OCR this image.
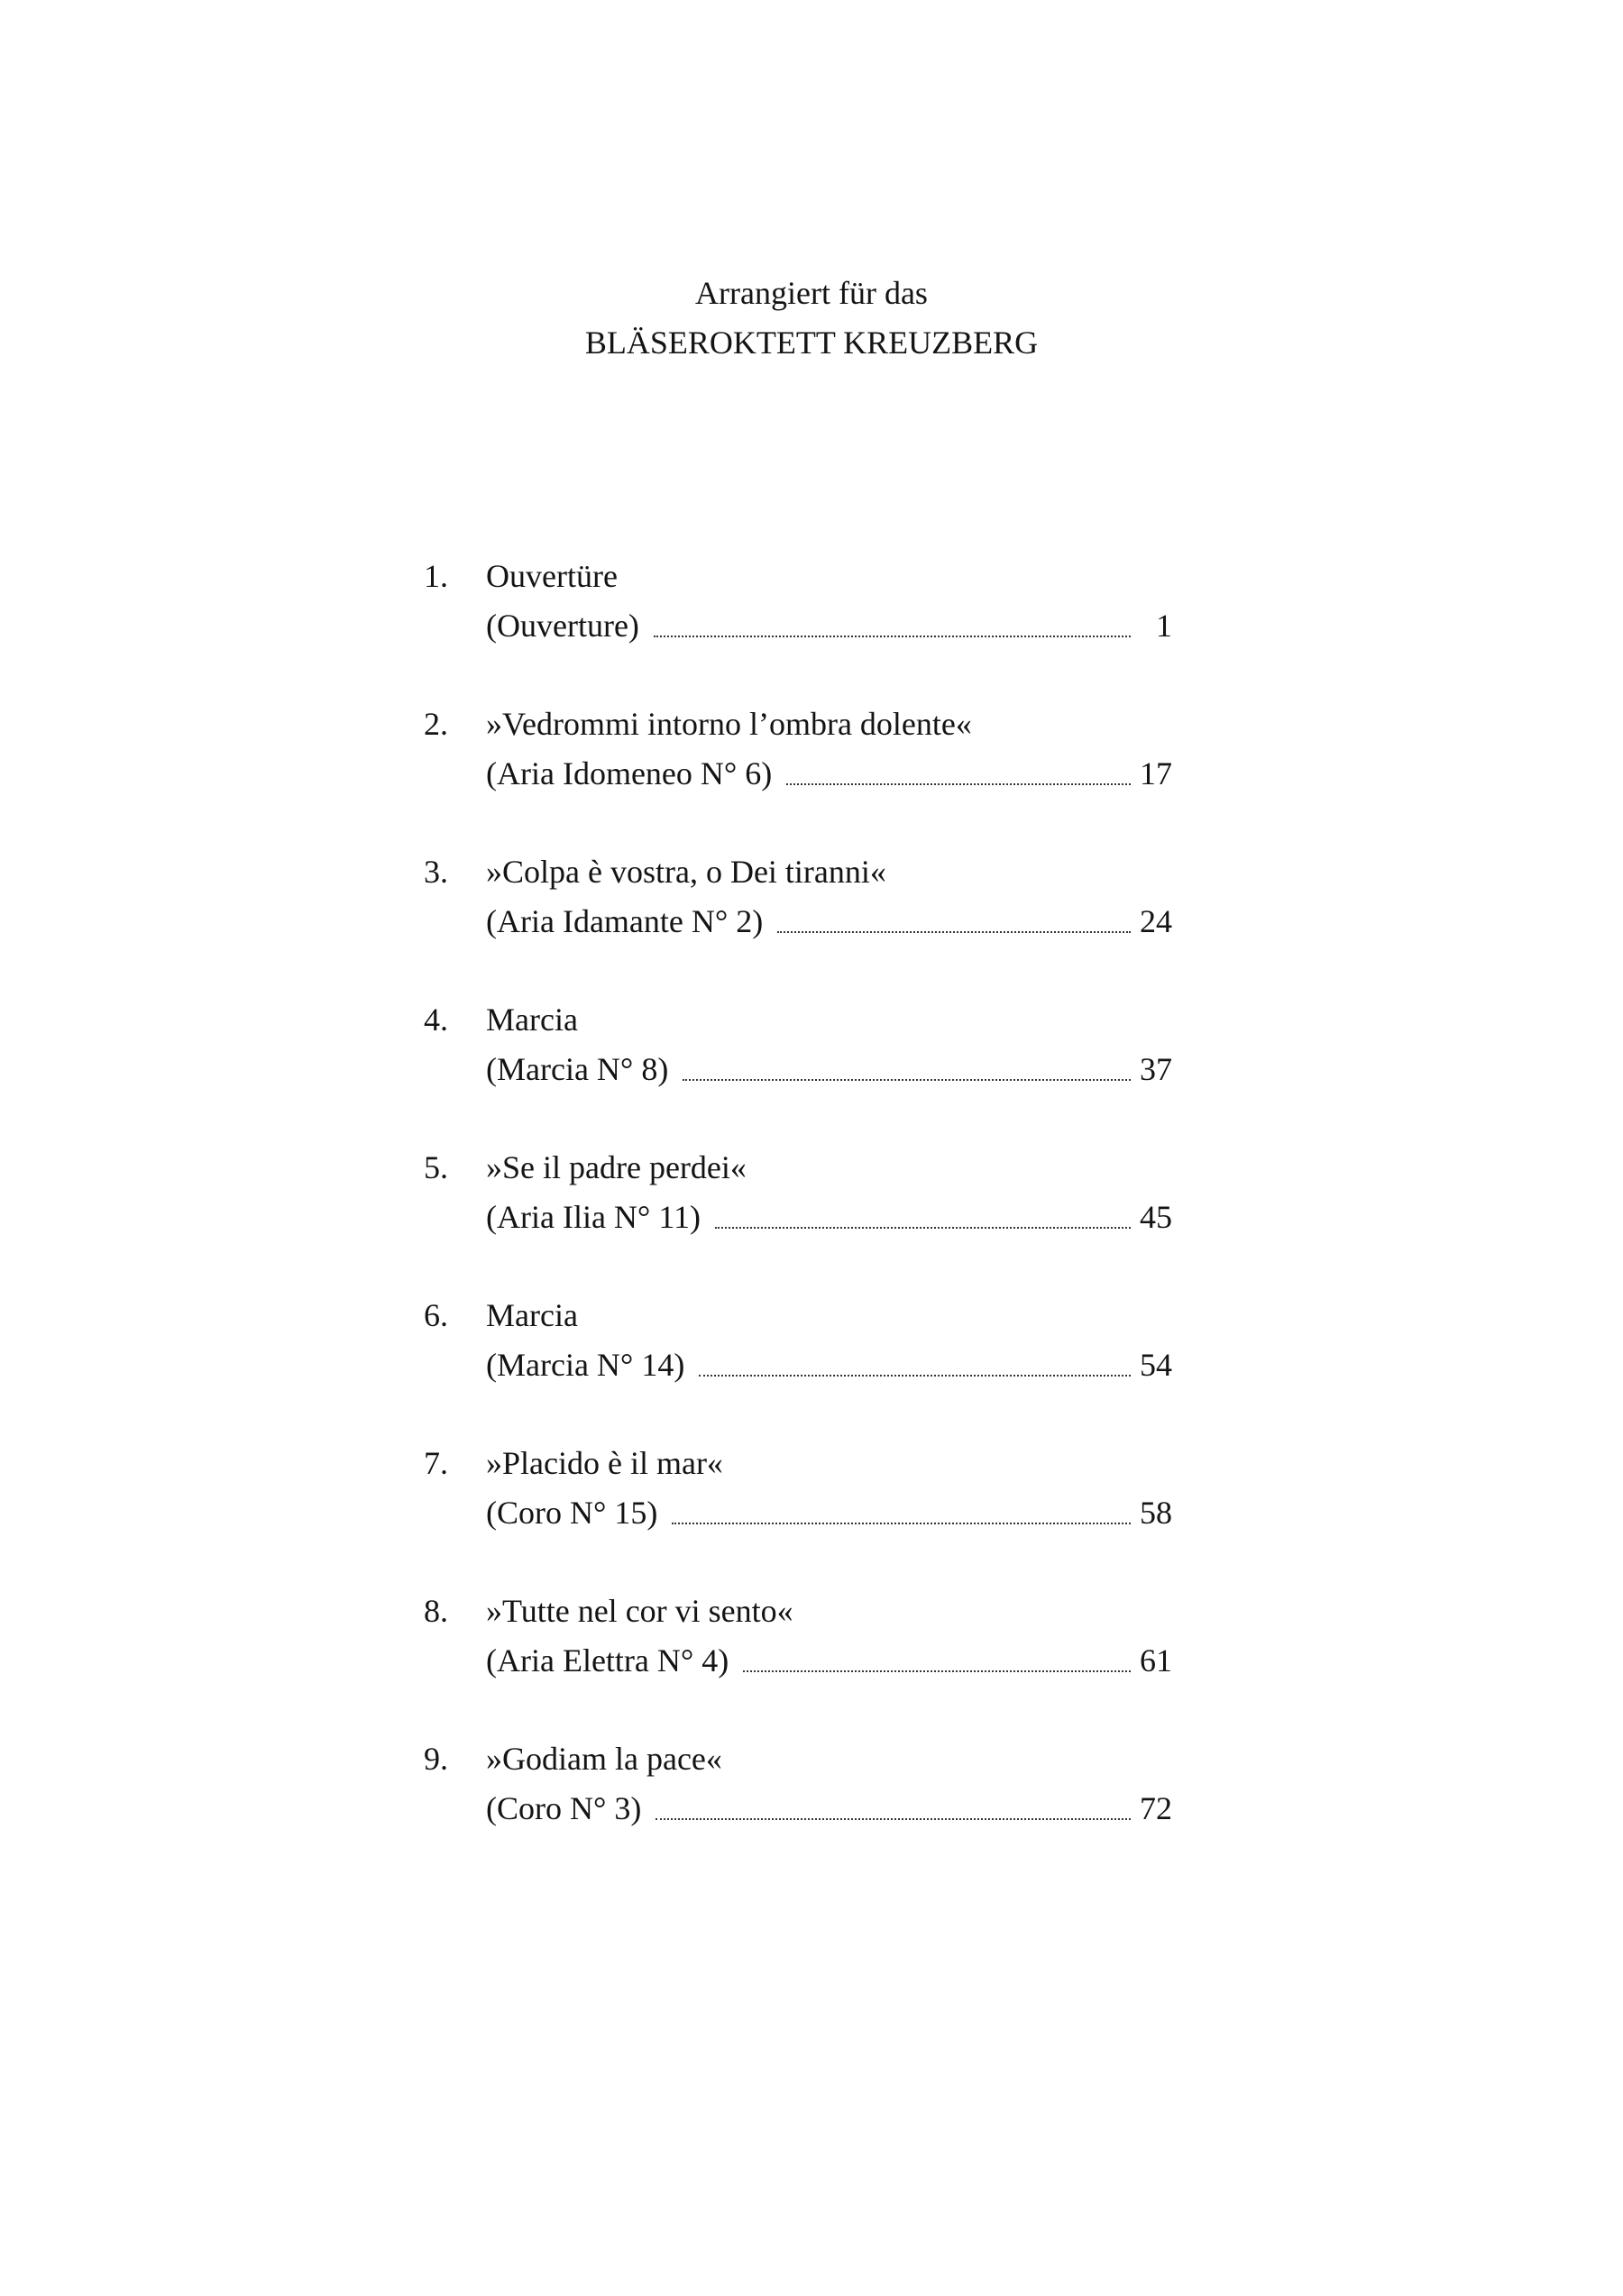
Arrangiert für das
BLÄSEROKTETT KREUZBERG
1. Ouvertüre
(Ouverture)	1
2. »Vedrommi intorno l’ombra dolente«
(Aria Idomeneo N° 6)	17
3. »Colpa è vostra, o Dei tiranni«
(Aria Idamante N° 2)	24
4. Marcia
(Marcia N° 8)	37
5. »Se il padre perdei«
(Aria Ilia N° 11)	45
6. Marcia
(Marcia N° 14)	54
7. »Placido è il mar«
(Coro N° 15)	58
8. »Tutte nel cor vi sento«
(Aria Elettra N° 4)	61
9. »Godiam la pace«
(Coro N° 3)	72
